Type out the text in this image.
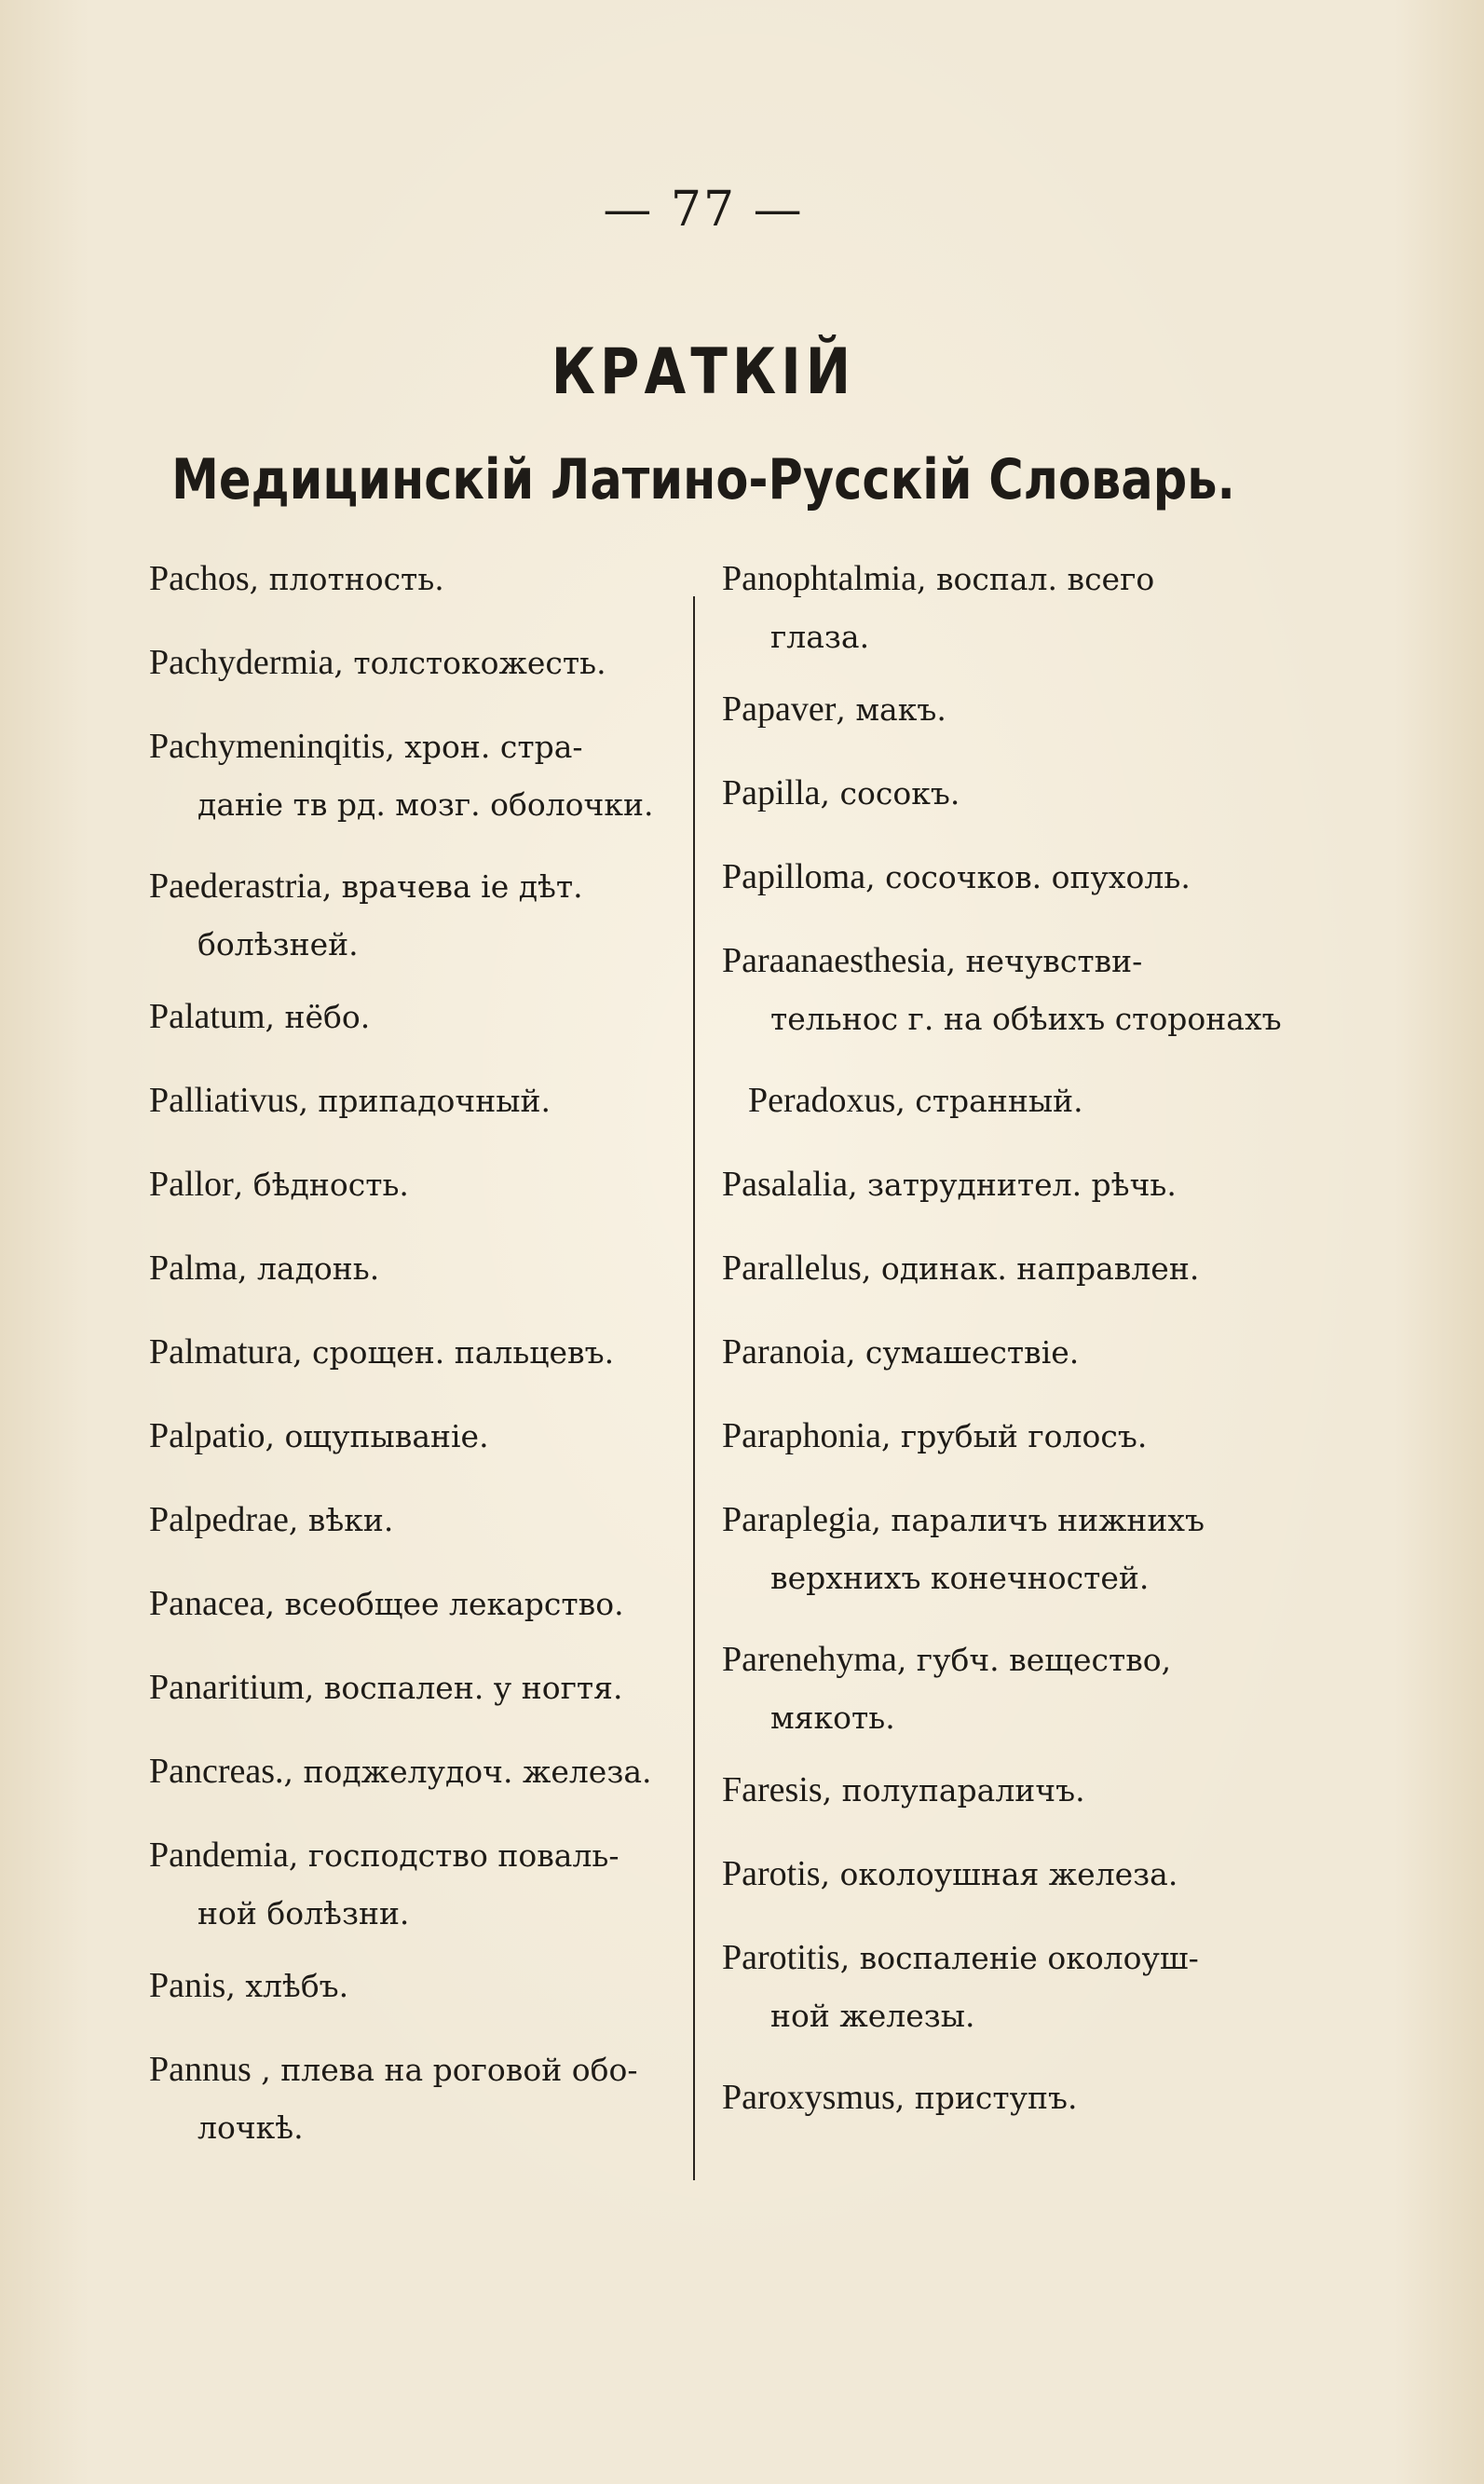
— 77 —
КРАТКІЙ
Медицинскій Латино-Русскій Словарь.
Pachos, плотность.
Pachydermia, толстокожесть.
Pachymeninqitis, хрон. стра-
даніе тв рд. мозг. оболочки.
Paederastria, врачева ie дѣт.
болѣзней.
Palatum, нёбо.
Palliativus, припадочный.
Pallor, бѣдность.
Palma, ладонь.
Palmatura, срощен. пальцевъ.
Palpatio, ощупываніе.
Palpedrae, вѣки.
Panacea, всеобщее лекарство.
Panaritium, воспален. у ногтя.
Pancreas., поджелудоч. железа.
Pandemia, господство поваль-
ной болѣзни.
Panis, хлѣбъ.
Pannus , плева на роговой обо-
лочкѣ.
Panophtalmia, воспал. всего
глаза.
Papaver, макъ.
Papilla, сосокъ.
Papilloma, сосочков. опухоль.
Paraanaesthesia, нечувстви-
тельнос г. на обѣихъ сторонахъ
Peradoxus, странный.
Pasalalia, затруднител. рѣчь.
Parallelus, одинак. направлен.
Paranoia, сумашествіе.
Paraphonia, грубый голосъ.
Paraplegia, параличъ нижнихъ
верхнихъ конечностей.
Parenehyma, губч. вещество,
мякоть.
Faresis, полупараличъ.
Parotis, околоушная железа.
Parotitis, воспаленіе околоуш-
ной железы.
Paroxysmus, приступъ.
